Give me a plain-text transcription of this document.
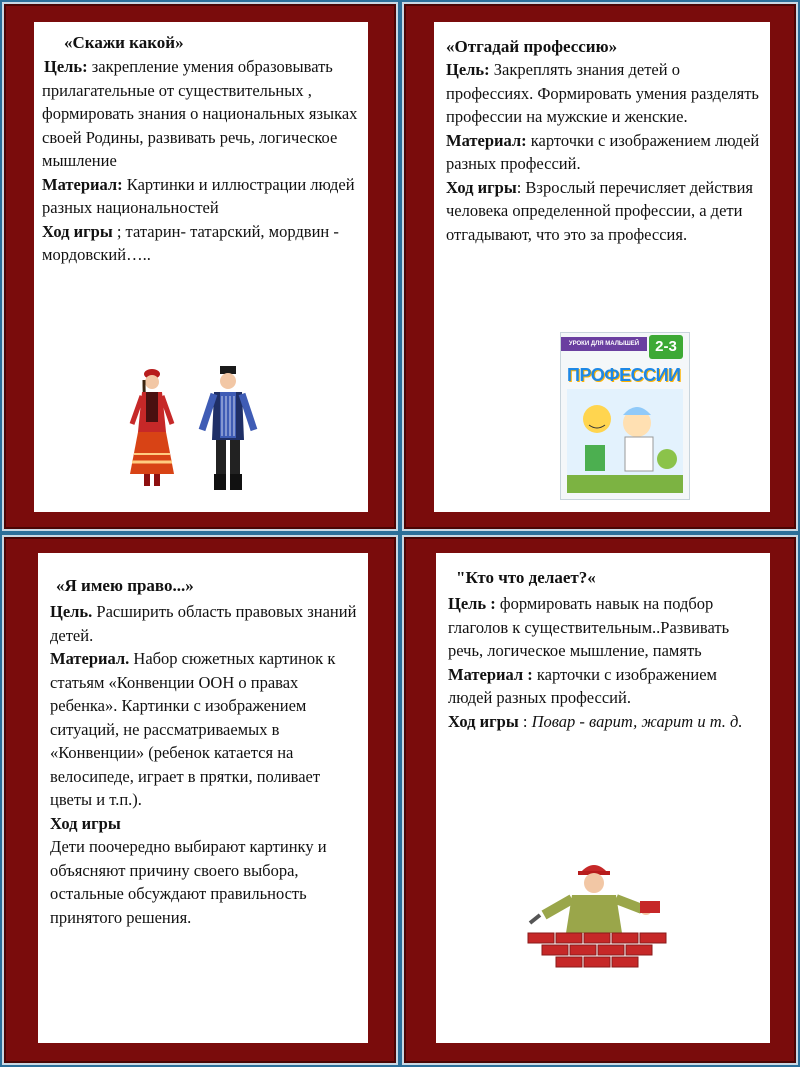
«Скажи какой»
Цель: закрепление умения образовывать прилагательные от существительных , формировать знания о национальных языках своей Родины, развивать речь, логическое мышление
Материал: Картинки и иллюстрации людей разных национальностей
Ход игры ; татарин- татарский, мордвин - мордовский…..
«Отгадай профессию»
Цель: Закреплять знания детей о профессиях. Формировать умения разделять профессии на мужские и женские.
Материал: карточки с изображением людей разных профессий.
Ход игры: Взрослый перечисляет действия человека определенной профессии, а дети отгадывают, что это за профессия.
УРОКИ ДЛЯ МАЛЫШЕЙ	2-3
ПРОФЕССИИ
«Я имею право...»
Цель. Расширить область правовых знаний детей.
Материал. Набор сюжетных картинок к статьям «Конвенции ООН о правах ребенка». Картинки с изображением ситуаций, не рассматриваемых в «Конвенции» (ребенок катается на велосипеде, играет в прятки, поливает цветы и т.п.).
Ход игры
Дети поочередно выбирают картинку и объясняют причину своего выбора, остальные обсуждают правильность принятого решения.
"Кто что делает?«
Цель : формировать навык на подбор глаголов к существительным..Развивать речь, логическое мышление, память
Материал : карточки с изображением людей разных профессий.
Ход игры : Повар - варит, жарит и т. д.
